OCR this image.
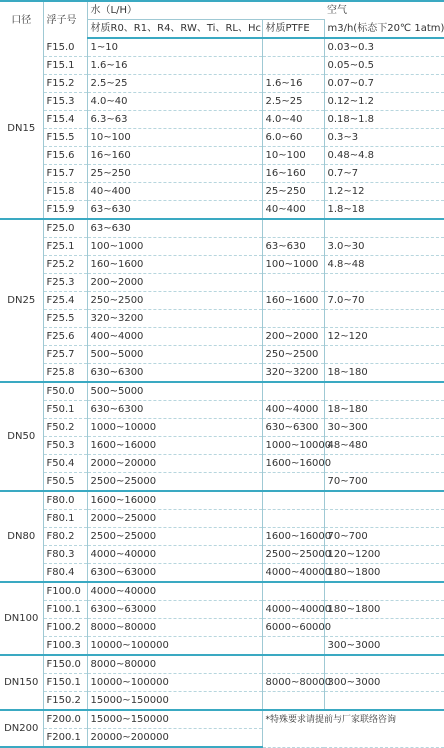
口径	浮子号	水（L/H）		空气
		材质R0、R1、R4、RW、Ti、RL、Hc	材质PTFE	m3/h(标态下20℃ 1atm)
DN15	F15.0	1~10		0.03~0.3
	F15.1	1.6~16		0.05~0.5
	F15.2	2.5~25	1.6~16	0.07~0.7
	F15.3	4.0~40	2.5~25	0.12~1.2
	F15.4	6.3~63	4.0~40	0.18~1.8
	F15.5	10~100	6.0~60	0.3~3
	F15.6	16~160	10~100	0.48~4.8
	F15.7	25~250	16~160	0.7~7
	F15.8	40~400	25~250	1.2~12
	F15.9	63~630	40~400	1.8~18
DN25	F25.0	63~630		
	F25.1	100~1000	63~630	3.0~30
	F25.2	160~1600	100~1000	4.8~48
	F25.3	200~2000		
	F25.4	250~2500	160~1600	7.0~70
	F25.5	320~3200		
	F25.6	400~4000	200~2000	12~120
	F25.7	500~5000	250~2500	
	F25.8	630~6300	320~3200	18~180
DN50	F50.0	500~5000		
	F50.1	630~6300	400~4000	18~180
	F50.2	1000~10000	630~6300	30~300
	F50.3	1600~16000	1000~10000	48~480
	F50.4	2000~20000	1600~16000	
	F50.5	2500~25000		70~700
DN80	F80.0	1600~16000		
	F80.1	2000~25000		
	F80.2	2500~25000	1600~16000	70~700
	F80.3	4000~40000	2500~25000	120~1200
	F80.4	6300~63000	4000~40000	180~1800
DN100	F100.0	4000~40000		
	F100.1	6300~63000	4000~40000	180~1800
	F100.2	8000~80000	6000~60000	
	F100.3	10000~100000		300~3000
DN150	F150.0	8000~80000		
	F150.1	10000~100000	8000~80000	300~3000
	F150.2	15000~150000		
DN200	F200.0	15000~150000	*特殊要求请提前与厂家联络咨询	
	F200.1	20000~200000		
